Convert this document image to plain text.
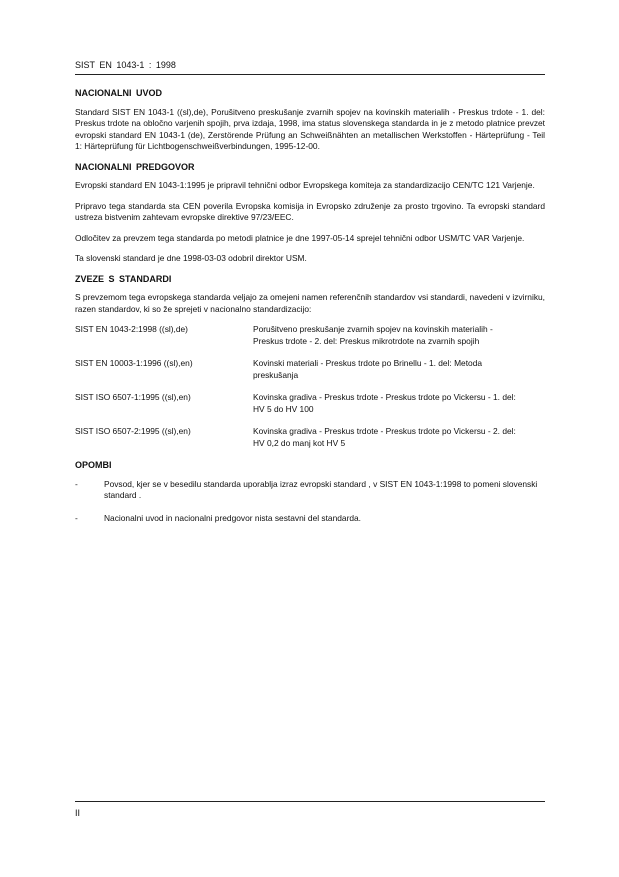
SIST EN 1043-1 : 1998
NACIONALNI UVOD

Standard SIST EN 1043-1 ((sl),de), Porušitveno preskušanje zvarnih spojev na kovinskih materialih - Preskus trdote - 1. del: Preskus trdote na obločno varjenih spojih, prva izdaja, 1998, ima status slovenskega standarda in je z metodo platnice prevzet evropski standard EN 1043-1 (de), Zerstörende Prüfung an Schweißnähten an metallischen Werkstoffen - Härteprüfung - Teil 1: Härteprüfung für Lichtbogenschweißverbindungen, 1995-12-00.

NACIONALNI PREDGOVOR

Evropski standard EN 1043-1:1995 je pripravil tehnični odbor Evropskega komiteja za standardizacijo CEN/TC 121 Varjenje.

Pripravo tega standarda sta CEN poverila Evropska komisija in Evropsko združenje za prosto trgovino. Ta evropski standard ustreza bistvenim zahtevam evropske direktive 97/23/EEC.

Odločitev za prevzem tega standarda po metodi platnice je dne 1997-05-14 sprejel tehnični odbor USM/TC VAR Varjenje.

Ta slovenski standard je dne 1998-03-03 odobril direktor USM.

ZVEZE S STANDARDI

S prevzemom tega evropskega standarda veljajo za omejeni namen referenčnih standardov vsi standardi, navedeni v izvirniku, razen standardov, ki so že sprejeti v nacionalno standardizacijo:

SIST EN 1043-2:1998 ((sl),de)	Porušitveno preskušanje zvarnih spojev na kovinskih materialih - Preskus trdote - 2. del: Preskus mikrotrdote na zvarnih spojih
SIST EN 10003-1:1996 ((sl),en)	Kovinski materiali - Preskus trdote po Brinellu - 1. del: Metoda preskušanja
SIST ISO 6507-1:1995 ((sl),en)	Kovinska gradiva - Preskus trdote - Preskus trdote po Vickersu - 1. del: HV 5 do HV 100
SIST ISO 6507-2:1995 ((sl),en)	Kovinska gradiva - Preskus trdote - Preskus trdote po Vickersu - 2. del: HV 0,2 do manj kot HV 5
OPOMBI
-	Povsod, kjer se v besedilu standarda uporablja izraz evropski standard , v SIST EN 1043-1:1998 to pomeni slovenski standard .
-	Nacionalni uvod in nacionalni predgovor nista sestavni del standarda.
II
